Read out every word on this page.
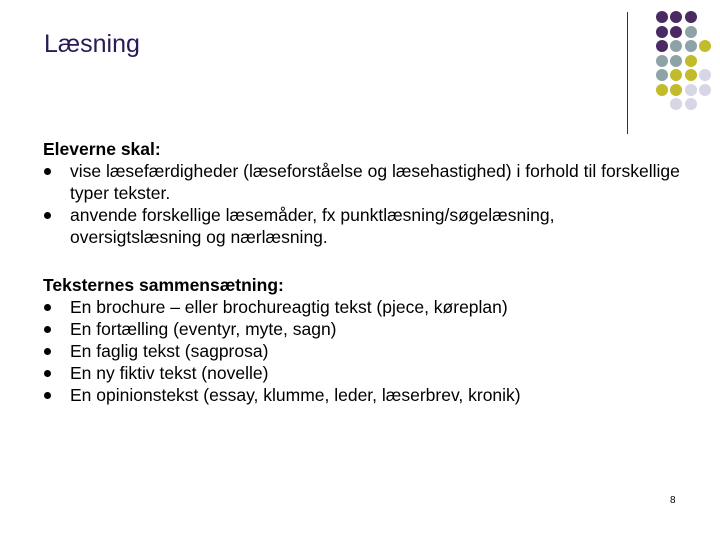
Læsning

Eleverne skal:

vise læsefærdigheder (læseforståelse og læsehastighed) i forhold til forskellige typer tekster.
anvende forskellige læsemåder, fx punktlæsning/søgelæsning, oversigtslæsning og nærlæsning.

Teksternes sammensætning:

En brochure – eller brochureagtig tekst (pjece, køreplan)
En fortælling (eventyr, myte, sagn)
En faglig tekst (sagprosa)
En ny fiktiv tekst (novelle)
En opinionstekst (essay, klumme, leder, læserbrev, kronik)
8
